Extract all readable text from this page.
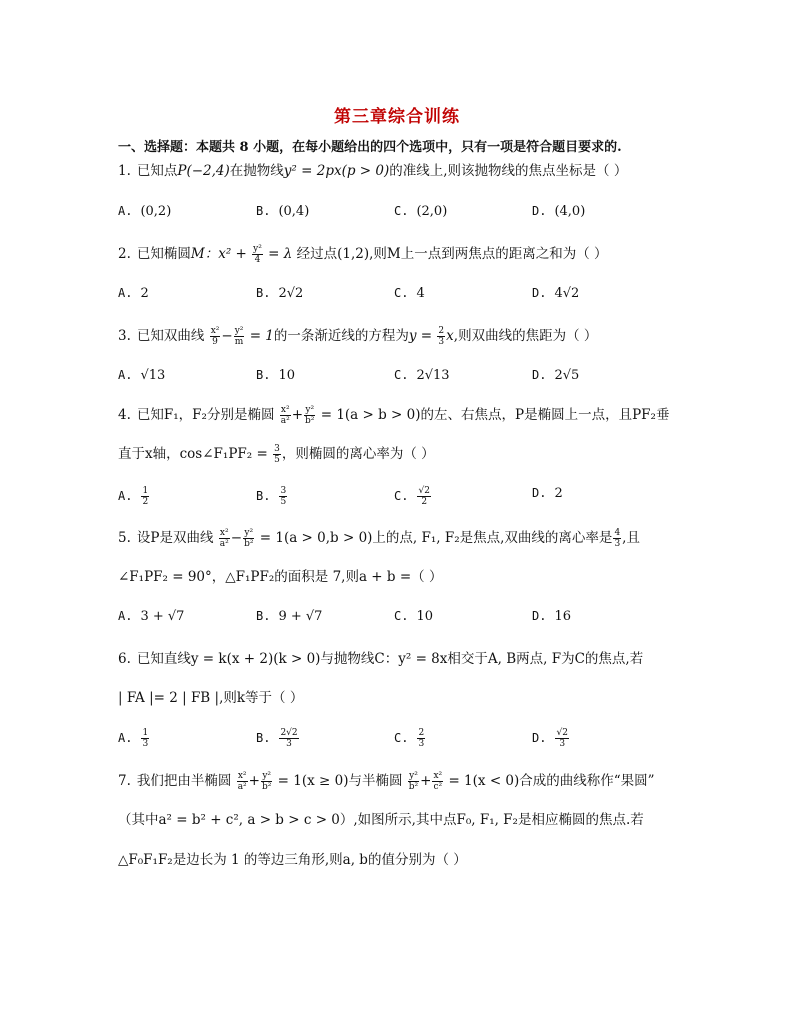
第三章综合训练
一、选择题：本题共 8 小题，在每小题给出的四个选项中，只有一项是符合题目要求的.
1. 已知点P(−2,4)在抛物线y² = 2px(p > 0)的准线上,则该抛物线的焦点坐标是（ ）
A. (0,2)	B. (0,4)	C. (2,0)	D. (4,0)
2. 已知椭圆M：$x^2 + \frac{\text{y²}}{4} = \lambda$ 经过点(1,2),则M上一点到两焦点的距离之和为（ ）
A. 2	B. 2√2	C. 4	D. 4√2
3. 已知双曲线 $\frac{\text{x²}}{9} - \frac{\text{y²}}{m} = 1$的一条渐近线的方程为$y = \frac{2}{3} x$,则双曲线的焦距为（ ）
A. √13	B. 10	C. 2√13	D. 2√5
4. 已知F₁，F₂分别是椭圆 $\frac{\text{x²}}{\text{a²}} + \frac{\text{y²}}{\text{b²}} = 1(a > b > 0)$的左、右焦点，P是椭圆上一点，且PF₂垂
直于x轴，cos∠F₁PF₂ = $\frac{3}{5}$ ，则椭圆的离心率为（ ）
A. $\frac{1}{2}$	B. $\frac{3}{5}$	C. $\frac{√2}{2}$	D. 2
5. 设P是双曲线 $\frac{\text{x²}}{\text{a²}} - \frac{\text{y²}}{\text{b²}} = 1(a > 0,b > 0)$上的点, F₁, F₂是焦点,双曲线的离心率是 $\frac{4}{3}$ ,且
∠F₁PF₂ = 90°，△F₁PF₂的面积是 7,则a + b =（ ）
A. 3 + √7	B. 9 + √7	C. 10	D. 16
6. 已知直线y = k(x + 2)(k > 0)与抛物线C：y² = 8x相交于A, B两点, F为C的焦点,若
| FA |= 2 | FB |,则k等于（ ）
A. $\frac{1}{3}$	B. $\frac{2√2}{3}$	C. $\frac{2}{3}$	D. $\frac{√2}{3}$
7. 我们把由半椭圆 $\frac{\text{x²}}{\text{a²}} + \frac{\text{y²}}{\text{b²}} = 1(x \ge 0)$与半椭圆 $\frac{\text{y²}}{\text{b²}} + \frac{\text{x²}}{\text{c²}} = 1(x < 0)$合成的曲线称作“果圆”
（其中a² = b² + c², a > b > c > 0）,如图所示,其中点F₀, F₁, F₂是相应椭圆的焦点.若
△F₀F₁F₂是边长为 1 的等边三角形,则a, b的值分别为（ ）
